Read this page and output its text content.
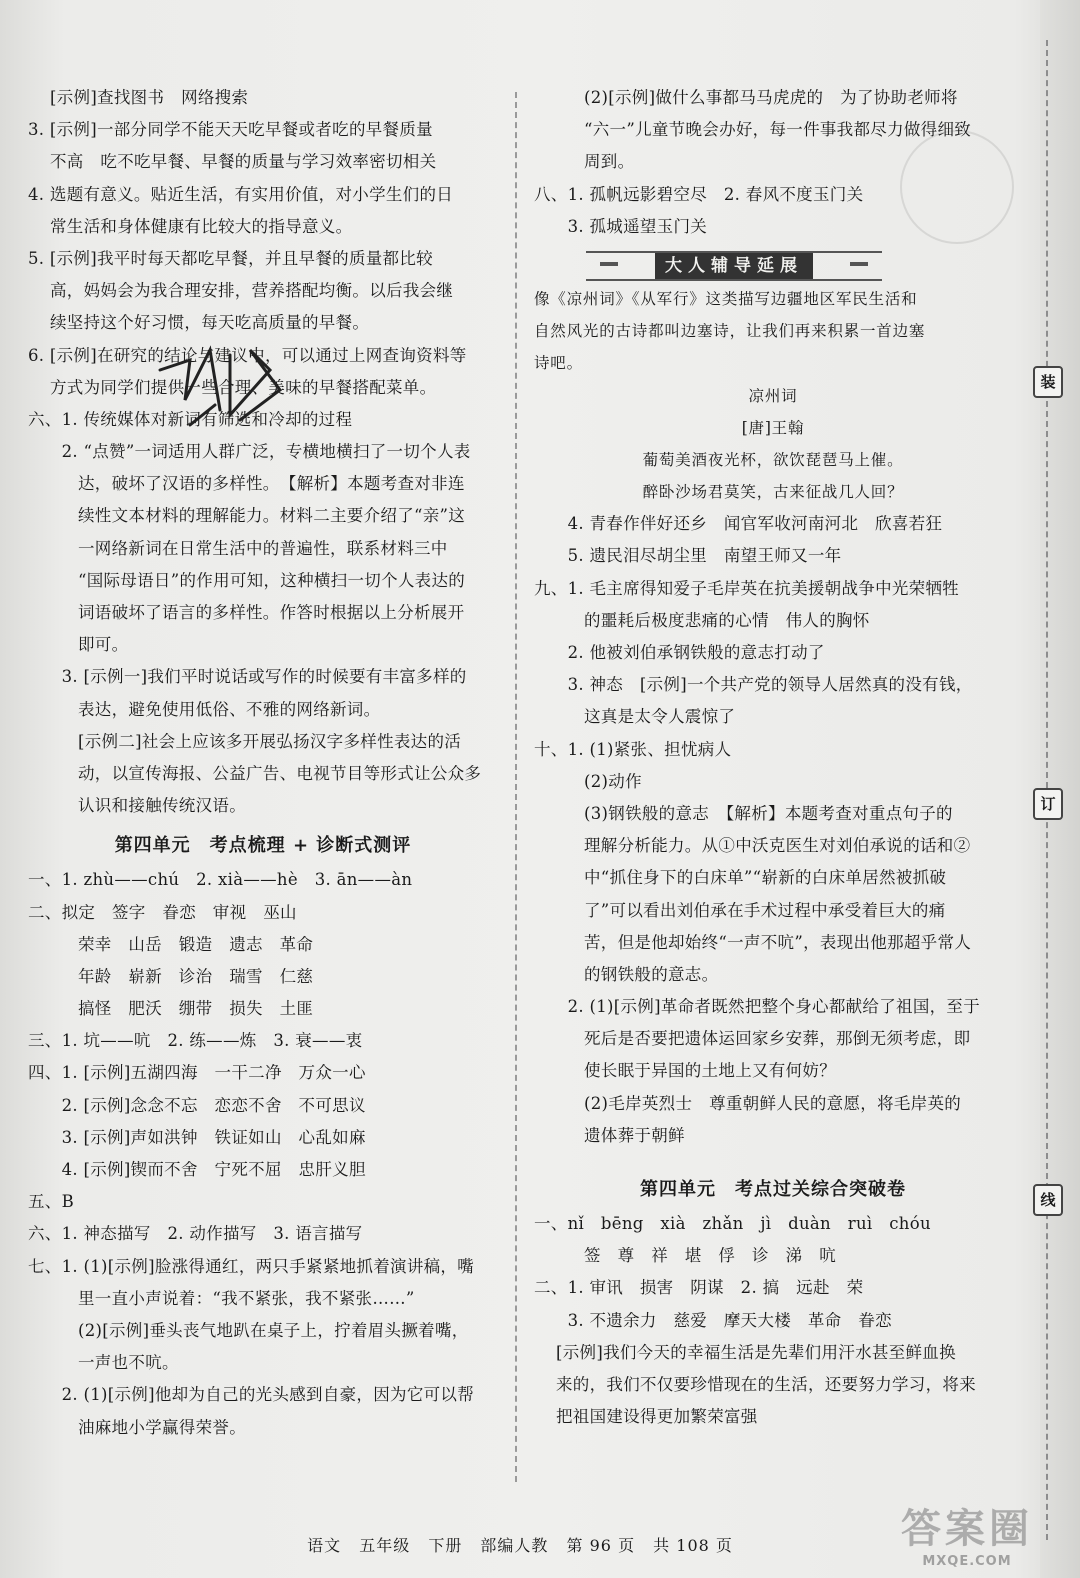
[示例]查找图书　网络搜索
3. [示例]一部分同学不能天天吃早餐或者吃的早餐质量
不高　吃不吃早餐、早餐的质量与学习效率密切相关
4. 选题有意义。贴近生活，有实用价值，对小学生们的日
常生活和身体健康有比较大的指导意义。
5. [示例]我平时每天都吃早餐，并且早餐的质量都比较
高，妈妈会为我合理安排，营养搭配均衡。以后我会继
续坚持这个好习惯，每天吃高质量的早餐。
6. [示例]在研究的结论与建议中，可以通过上网查询资料等
方式为同学们提供一些合理、美味的早餐搭配菜单。
六、1. 传统媒体对新词有筛选和冷却的过程
　　2. “点赞”一词适用人群广泛，专横地横扫了一切个人表
达，破坏了汉语的多样性。　【解析】本题考查对非连
续性文本材料的理解能力。材料二主要介绍了“亲”这
一网络新词在日常生活中的普遍性，联系材料三中
“国际母语日”的作用可知，这种横扫一切个人表达的
词语破坏了语言的多样性。作答时根据以上分析展开
即可。
　　3. [示例一]我们平时说话或写作的时候要有丰富多样的
表达，避免使用低俗、不雅的网络新词。
[示例二]社会上应该多开展弘扬汉字多样性表达的活
动，以宣传海报、公益广告、电视节目等形式让公众多
认识和接触传统汉语。
第四单元　考点梳理 + 诊断式测评
一、1. zhù——chú　2. xià——hè　3. ān——àn
二、拟定　签字　眷恋　审视　巫山
荣幸　山岳　锻造　遗志　革命
年龄　崭新　诊治　瑞雪　仁慈
搞怪　肥沃　绷带　损失　土匪
三、1. 坑——吭　2. 练——炼　3. 衰——衷
四、1. [示例]五湖四海　一干二净　万众一心
　　2. [示例]念念不忘　恋恋不舍　不可思议
　　3. [示例]声如洪钟　铁证如山　心乱如麻
　　4. [示例]锲而不舍　宁死不屈　忠肝义胆
五、B
六、1. 神态描写　2. 动作描写　3. 语言描写
七、1. (1)[示例]脸涨得通红，两只手紧紧地抓着演讲稿，嘴
里一直小声说着：“我不紧张，我不紧张……”
(2)[示例]垂头丧气地趴在桌子上，拧着眉头撅着嘴，
一声也不吭。
　　2. (1)[示例]他却为自己的光头感到自豪，因为它可以帮
油麻地小学赢得荣誉。
(2)[示例]做什么事都马马虎虎的　为了协助老师将
“六一”儿童节晚会办好，每一件事我都尽力做得细致
周到。
八、1. 孤帆远影碧空尽　2. 春风不度玉门关
　　3. 孤城遥望玉门关
大人辅导延展
像《凉州词》《从军行》这类描写边疆地区军民生活和
自然风光的古诗都叫边塞诗，让我们再来积累一首边塞
诗吧。
凉州词
[唐]王翰
葡萄美酒夜光杯，欲饮琵琶马上催。
醉卧沙场君莫笑，古来征战几人回？
　　4. 青春作伴好还乡　闻官军收河南河北　欣喜若狂
　　5. 遗民泪尽胡尘里　南望王师又一年
九、1. 毛主席得知爱子毛岸英在抗美援朝战争中光荣牺牲
的噩耗后极度悲痛的心情　伟人的胸怀
　　2. 他被刘伯承钢铁般的意志打动了
　　3. 神态　[示例]一个共产党的领导人居然真的没有钱，
这真是太令人震惊了
十、1. (1)紧张、担忧病人
(2)动作
(3)钢铁般的意志　【解析】本题考查对重点句子的
理解分析能力。从①中沃克医生对刘伯承说的话和②
中“抓住身下的白床单”“崭新的白床单居然被抓破
了”可以看出刘伯承在手术过程中承受着巨大的痛
苦，但是他却始终“一声不吭”，表现出他那超乎常人
的钢铁般的意志。
　　2. (1)[示例]革命者既然把整个身心都献给了祖国，至于
死后是否要把遗体运回家乡安葬，那倒无须考虑，即
使长眠于异国的土地上又有何妨？
(2)毛岸英烈士　尊重朝鲜人民的意愿，将毛岸英的
遗体葬于朝鲜
第四单元　考点过关综合突破卷
一、nǐ　bēng　xià　zhǎn　jì　duàn　ruì　chóu
签　尊　祥　堪　俘　诊　涕　吭
二、1. 审讯　损害　阴谋　2. 搞　远赴　荣
　　3. 不遗余力　慈爱　摩天大楼　革命　眷恋
[示例]我们今天的幸福生活是先辈们用汗水甚至鲜血换
来的，我们不仅要珍惜现在的生活，还要努力学习，将来
把祖国建设得更加繁荣富强
装
订
线
语文 五年级 下册 部编人教 第 96 页 共 108 页	答案圈
MXQE.COM
